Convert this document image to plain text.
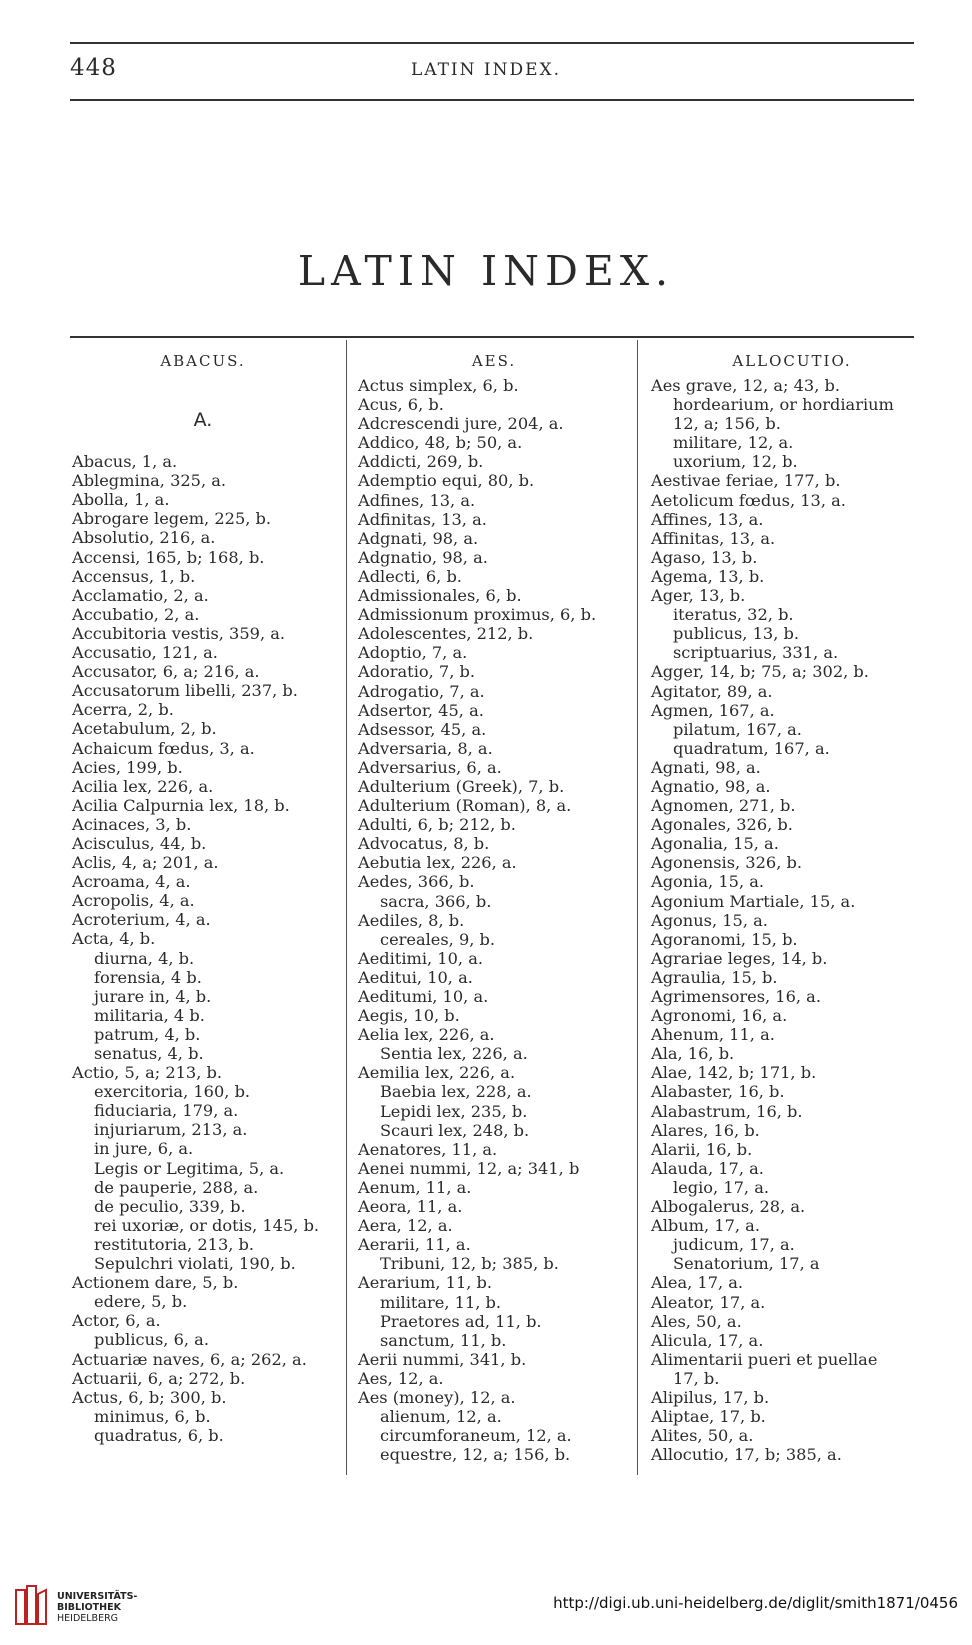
448	LATIN INDEX.
LATIN INDEX.
ABACUS.
A.
Abacus, 1, a.
Ablegmina, 325, a.
Abolla, 1, a.
Abrogare legem, 225, b.
Absolutio, 216, a.
Accensi, 165, b; 168, b.
Accensus, 1, b.
Acclamatio, 2, a.
Accubatio, 2, a.
Accubitoria vestis, 359, a.
Accusatio, 121, a.
Accusator, 6, a; 216, a.
Accusatorum libelli, 237, b.
Acerra, 2, b.
Acetabulum, 2, b.
Achaicum fœdus, 3, a.
Acies, 199, b.
Acilia lex, 226, a.
Acilia Calpurnia lex, 18, b.
Acinaces, 3, b.
Acisculus, 44, b.
Aclis, 4, a; 201, a.
Acroama, 4, a.
Acropolis, 4, a.
Acroterium, 4, a.
Acta, 4, b.
diurna, 4, b.
forensia, 4 b.
jurare in, 4, b.
militaria, 4 b.
patrum, 4, b.
senatus, 4, b.
Actio, 5, a; 213, b.
exercitoria, 160, b.
fiduciaria, 179, a.
injuriarum, 213, a.
in jure, 6, a.
Legis or Legitima, 5, a.
de pauperie, 288, a.
de peculio, 339, b.
rei uxoriæ, or dotis, 145, b.
restitutoria, 213, b.
Sepulchri violati, 190, b.
Actionem dare, 5, b.
edere, 5, b.
Actor, 6, a.
publicus, 6, a.
Actuariæ naves, 6, a; 262, a.
Actuarii, 6, a; 272, b.
Actus, 6, b; 300, b.
minimus, 6, b.
quadratus, 6, b.
AES.
Actus simplex, 6, b.
Acus, 6, b.
Adcrescendi jure, 204, a.
Addico, 48, b; 50, a.
Addicti, 269, b.
Ademptio equi, 80, b.
Adfines, 13, a.
Adfinitas, 13, a.
Adgnati, 98, a.
Adgnatio, 98, a.
Adlecti, 6, b.
Admissionales, 6, b.
Admissionum proximus, 6, b.
Adolescentes, 212, b.
Adoptio, 7, a.
Adoratio, 7, b.
Adrogatio, 7, a.
Adsertor, 45, a.
Adsessor, 45, a.
Adversaria, 8, a.
Adversarius, 6, a.
Adulterium (Greek), 7, b.
Adulterium (Roman), 8, a.
Adulti, 6, b; 212, b.
Advocatus, 8, b.
Aebutia lex, 226, a.
Aedes, 366, b.
sacra, 366, b.
Aediles, 8, b.
cereales, 9, b.
Aeditimi, 10, a.
Aeditui, 10, a.
Aeditumi, 10, a.
Aegis, 10, b.
Aelia lex, 226, a.
Sentia lex, 226, a.
Aemilia lex, 226, a.
Baebia lex, 228, a.
Lepidi lex, 235, b.
Scauri lex, 248, b.
Aenatores, 11, a.
Aenei nummi, 12, a; 341, b
Aenum, 11, a.
Aeora, 11, a.
Aera, 12, a.
Aerarii, 11, a.
Tribuni, 12, b; 385, b.
Aerarium, 11, b.
militare, 11, b.
Praetores ad, 11, b.
sanctum, 11, b.
Aerii nummi, 341, b.
Aes, 12, a.
Aes (money), 12, a.
alienum, 12, a.
circumforaneum, 12, a.
equestre, 12, a; 156, b.
ALLOCUTIO.
Aes grave, 12, a; 43, b.
hordearium, or hordiarium
12, a; 156, b.
militare, 12, a.
uxorium, 12, b.
Aestivae feriae, 177, b.
Aetolicum fœdus, 13, a.
Affines, 13, a.
Affinitas, 13, a.
Agaso, 13, b.
Agema, 13, b.
Ager, 13, b.
iteratus, 32, b.
publicus, 13, b.
scriptuarius, 331, a.
Agger, 14, b; 75, a; 302, b.
Agitator, 89, a.
Agmen, 167, a.
pilatum, 167, a.
quadratum, 167, a.
Agnati, 98, a.
Agnatio, 98, a.
Agnomen, 271, b.
Agonales, 326, b.
Agonalia, 15, a.
Agonensis, 326, b.
Agonia, 15, a.
Agonium Martiale, 15, a.
Agonus, 15, a.
Agoranomi, 15, b.
Agrariae leges, 14, b.
Agraulia, 15, b.
Agrimensores, 16, a.
Agronomi, 16, a.
Ahenum, 11, a.
Ala, 16, b.
Alae, 142, b; 171, b.
Alabaster, 16, b.
Alabastrum, 16, b.
Alares, 16, b.
Alarii, 16, b.
Alauda, 17, a.
legio, 17, a.
Albogalerus, 28, a.
Album, 17, a.
judicum, 17, a.
Senatorium, 17, a
Alea, 17, a.
Aleator, 17, a.
Ales, 50, a.
Alicula, 17, a.
Alimentarii pueri et puellae
17, b.
Alipilus, 17, b.
Aliptae, 17, b.
Alites, 50, a.
Allocutio, 17, b; 385, a.
UNIVERSITÄTS-
BIBLIOTHEK
HEIDELBERG
http://digi.ub.uni-heidelberg.de/diglit/smith1871/0456
